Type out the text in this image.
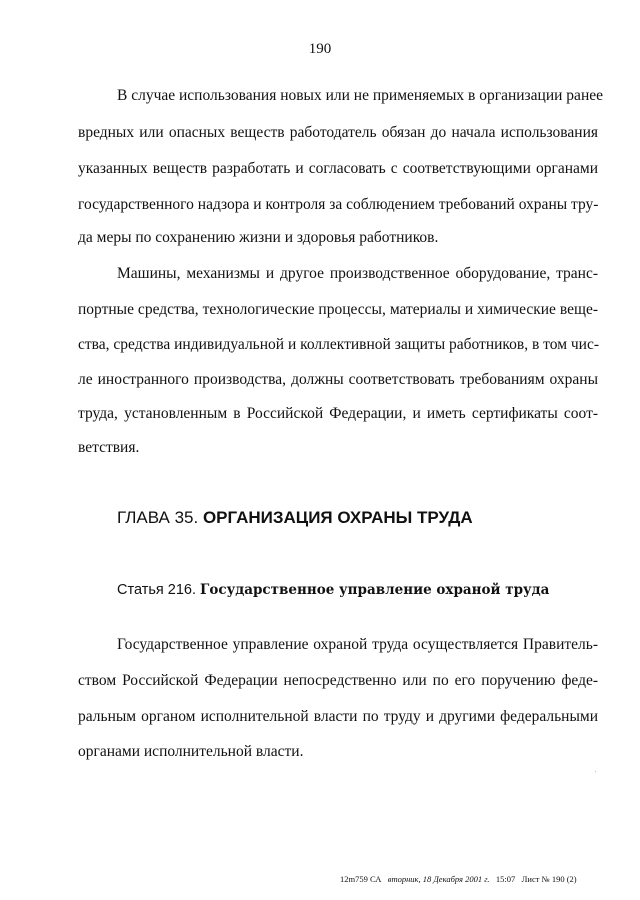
190

В случае использования новых или не применяемых в организации ранее

вредных или опасных веществ работодатель обязан до начала использования

указанных веществ разработать и согласовать с соответствующими органами

государственного надзора и контроля за соблюдением требований охраны тру-

да меры по сохранению жизни и здоровья работников.

Машины, механизмы и другое производственное оборудование, транс-

портные средства, технологические процессы, материалы и химические веще-

ства, средства индивидуальной и коллективной защиты работников, в том чис-

ле иностранного производства, должны соответствовать требованиям охраны

труда, установленным в Российской Федерации, и иметь сертификаты соот-

ветствия.

ГЛАВА 35. ОРГАНИЗАЦИЯ ОХРАНЫ ТРУДА

Статья 216. Государственное управление охраной труда

Государственное управление охраной труда осуществляется Правитель-

ством Российской Федерации непосредственно или по его поручению феде-

ральным органом исполнительной власти по труду и другими федеральными

органами исполнительной власти.

12m759 СА вторник, 18 Декабря 2001 г. 15:07 Лист № 190 (2)
